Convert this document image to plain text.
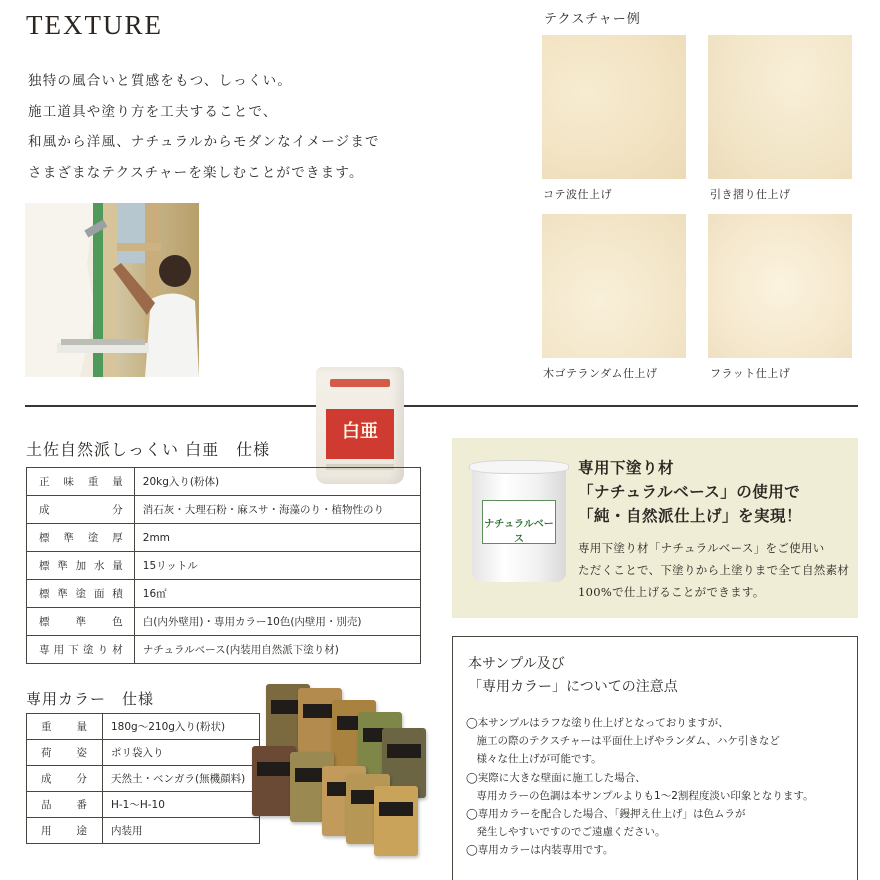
TEXTURE
独特の風合いと質感をもつ、しっくい。
施工道具や塗り方を工夫することで、
和風から洋風、ナチュラルからモダンなイメージまで
さまざまなテクスチャーを楽しむことができます。
テクスチャー例
コテ波仕上げ	引き摺り仕上げ
木ゴテランダム仕上げ	フラット仕上げ
白亜
土佐自然派しっくい 白亜　仕様
正味重量	20kg入り(粉体)
成分	消石灰・大理石粉・麻スサ・海藻のり・植物性のり
標準塗厚	2mm
標準加水量	15リットル
標準塗面積	16㎡
標準色	白(内外壁用)・専用カラー10色(内壁用・別売)
専用下塗り材	ナチュラルベース(内装用自然派下塗り材)
専用カラー　仕様
重量	180g～210g入り(粉状)
荷姿	ポリ袋入り
成分	天然土・ベンガラ(無機顔料)
品番	H-1～H-10
用途	内装用
ナチュラルベース
専用下塗り材
「ナチュラルベース」の使用で
「純・自然派仕上げ」を実現！
専用下塗り材「ナチュラルベース」をご使用い
ただくことで、下塗りから上塗りまで全て自然素材
100%で仕上げることができます。
本サンプル及び
「専用カラー」についての注意点
◯本サンプルはラフな塗り仕上げとなっておりますが、
　施工の際のテクスチャーは平面仕上げやランダム、ハケ引きなど
　様々な仕上げが可能です。
◯実際に大きな壁面に施工した場合、
　専用カラーの色調は本サンプルよりも1～2割程度淡い印象となります。
◯専用カラーを配合した場合、「鏝押え仕上げ」は色ムラが
　発生しやすいですのでご遠慮ください。
◯専用カラーは内装専用です。
